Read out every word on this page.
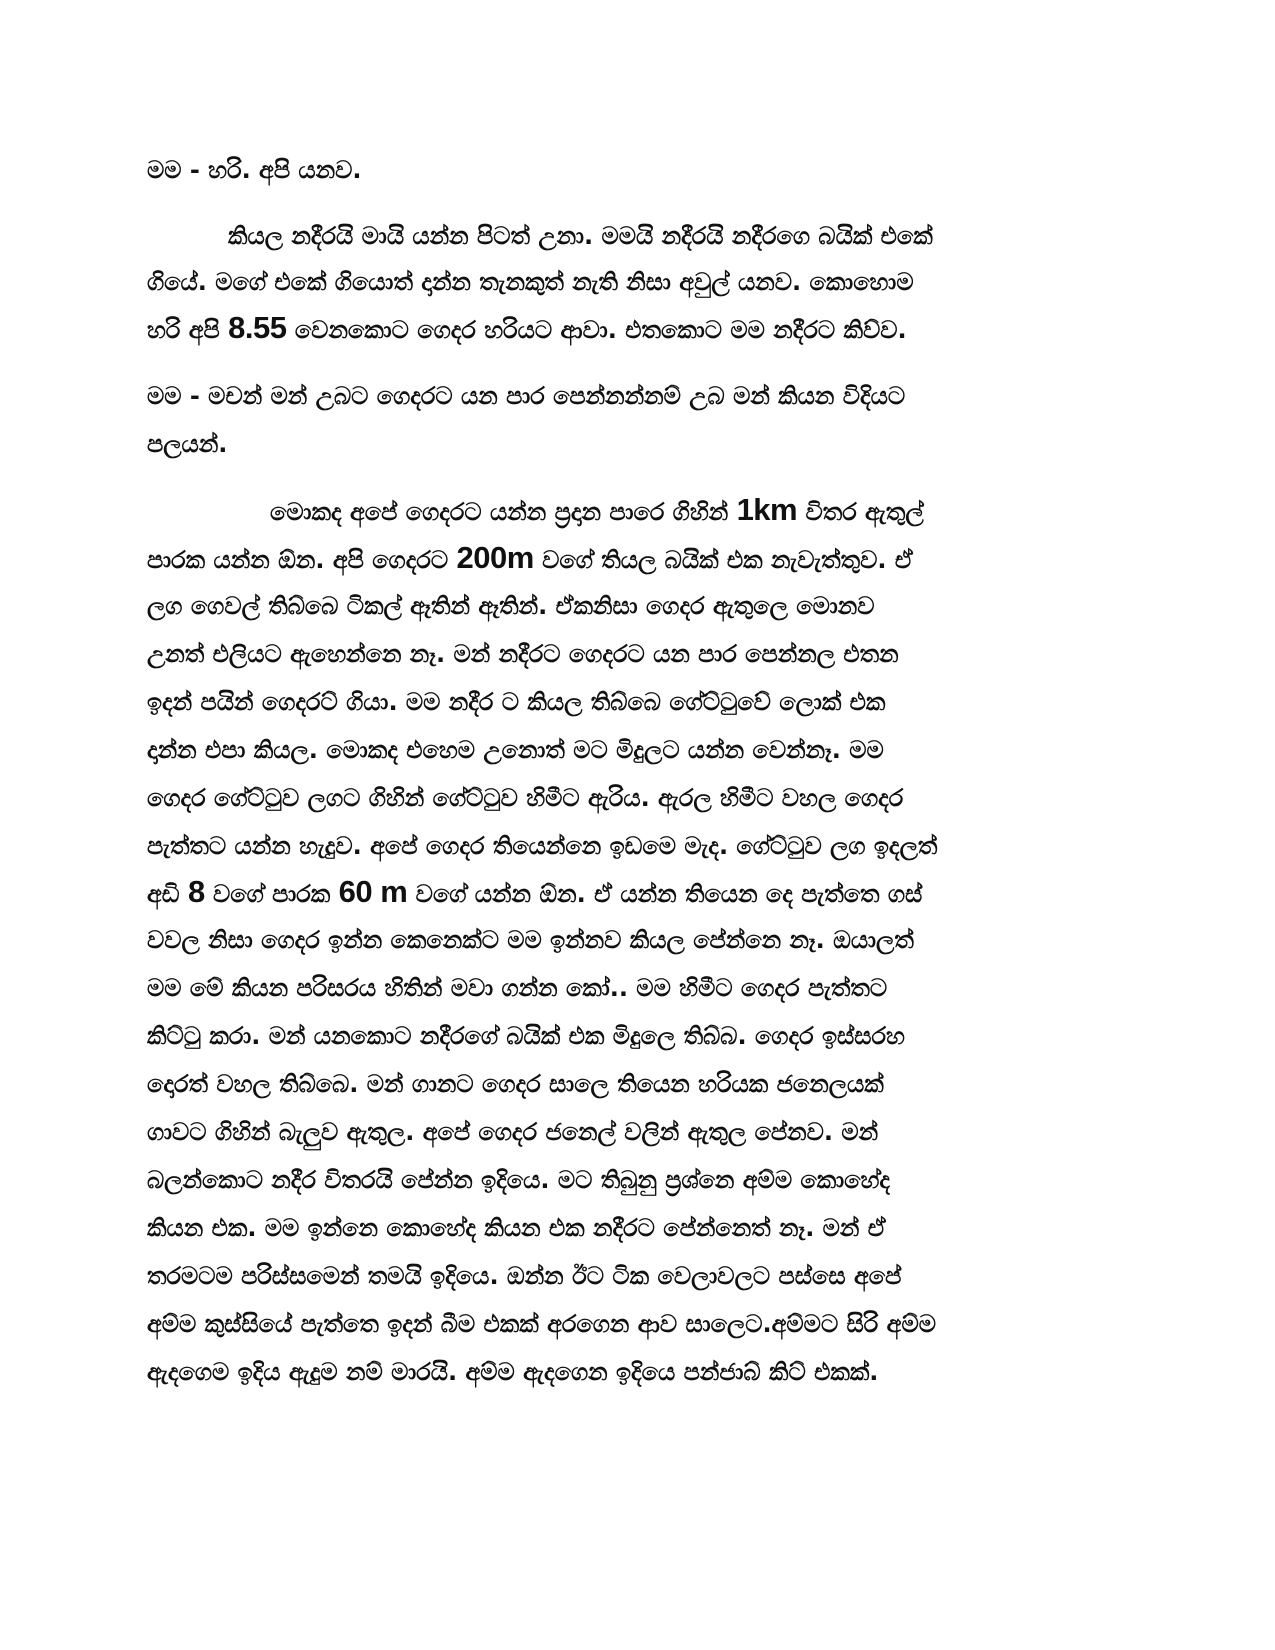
මම - හරි. අපි යනව.
කියල නදීරයි මායි යන්න පිටත් උනා. මමයි නදීරයි නදීරගෙ බයික් එකේ
ගියේ. මගේ එකේ ගියොත් දාන්න තැනකුත් නැති නිසා අවුල් යනව. කොහොම
හරි අපි 8.55 වෙනකොට ගෙදර හරියට ආවා. එතකොට මම නදීරට කිව්ව.
මම - මචන් මන් උබට ගෙදරට යන පාර පෙන්නන්නම් උබ මන් කියන විදියට
පලයන්.
මොකද අපේ ගෙදරට යන්න ප්‍රදාන පාරෙ ගිහින් 1km විතර ඇතුල්
පාරක යන්න ඕන. අපි ගෙදරට 200m වගේ තියල බයික් එක නැවැත්තුව. ඒ
ලග ගෙවල් තිබ්බෙ ටිකල් ඈතින් ඈතින්. ඒකනිසා ගෙදර ඇතුලෙ මොනව
උනත් එලියට ඇහෙන්නෙ නෑ. මන් නදීරට ගෙදරට යන පාර පෙන්නල එතන
ඉදන් පයින් ගෙදරට් ගියා. මම නදීර ට කියල තිබ්බෙ ගේට්ටුවේ ලොක් එක
දාන්න එපා කියල. මොකද එහෙම උනොත් මට මිදුලට යන්න වෙන්නෑ. මම
ගෙදර ගේට්ටුව ලගට ගිහින් ගේට්ටුව හිමීට ඇරිය. ඇරල හිමීට වහල ගෙදර
පැත්තට යන්න හැදුව. අපේ ගෙදර තියෙන්නෙ ඉඩමෙ මැද. ගේට්ටුව ලග ඉදලත්
අඩි 8 වගේ පාරක 60 m වගේ යන්න ඕන. ඒ යන්න තියෙන දෙ පැත්තෙ ගස්
වවල නිසා ගෙදර ඉන්න කෙනෙක්ට මම ඉන්නව කියල පේන්නෙ නෑ. ඔයාලත්
මම මේ කියන පරිසරය හිතින් මවා ගන්න කෝ.. මම හිමීට ගෙදර පැත්තට
කිට්ටු කරා. මන් යනකොට නදීරගේ බයික් එක මිදුලෙ තිබ්බ. ගෙදර ඉස්සරහ
දොරත් වහල තිබ්බෙ. මන් ගානට ගෙදර සාලෙ තියෙන හරියක ජනෙලයක්
ගාවට ගිහින් බැලුව ඇතුල. අපේ ගෙදර ජනෙල් වලින් ඇතුල පේනව. මන්
බලන්කොට නදීර විතරයි පේන්න ඉදියෙ. මට තිබුනු ප්‍රශ්නෙ අම්ම කොහේද
කියන එක. මම ඉන්නෙ කොහේද කියන එක නදීරට පේන්නෙත් නෑ. මන් ඒ
තරමටම පරිස්සමෙන් තමයි ඉදියෙ. ඔන්න ඊට ටික වෙලාවලට පස්සෙ අපේ
අම්ම කුස්සියේ පැත්තෙ ඉදන් බීම එකක් අරගෙන ආව සාලෙට.අම්මට සිරි අම්ම
ඇදගෙම ඉදිය ඇදුම නම් මාරයි. අම්ම ඇදගෙන ඉදියෙ පන්ජාබ් කිට් එකක්.
